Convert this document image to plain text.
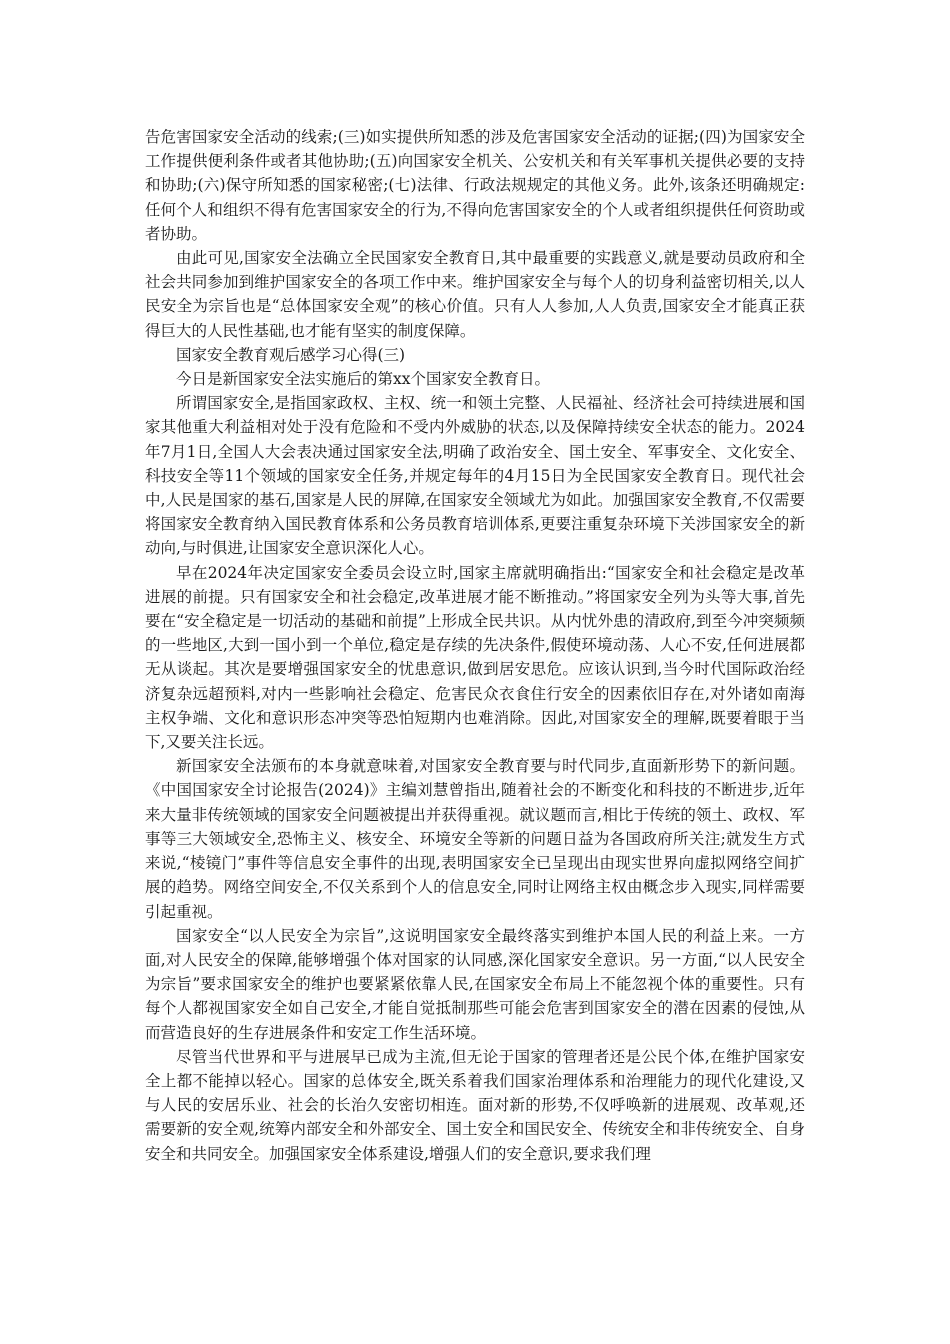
告危害国家安全活动的线索;(三)如实提供所知悉的涉及危害国家安全活动的证据;(四)为国家安全工作提供便利条件或者其他协助;(五)向国家安全机关、公安机关和有关军事机关提供必要的支持和协助;(六)保守所知悉的国家秘密;(七)法律、行政法规规定的其他义务。此外,该条还明确规定:任何个人和组织不得有危害国家安全的行为,不得向危害国家安全的个人或者组织提供任何资助或者协助。

由此可见,国家安全法确立全民国家安全教育日,其中最重要的实践意义,就是要动员政府和全社会共同参加到维护国家安全的各项工作中来。维护国家安全与每个人的切身利益密切相关,以人民安全为宗旨也是“总体国家安全观”的核心价值。只有人人参加,人人负责,国家安全才能真正获得巨大的人民性基础,也才能有坚实的制度保障。

国家安全教育观后感学习心得(三)

今日是新国家安全法实施后的第xx个国家安全教育日。

所谓国家安全,是指国家政权、主权、统一和领土完整、人民福祉、经济社会可持续进展和国家其他重大利益相对处于没有危险和不受内外威胁的状态,以及保障持续安全状态的能力。2024年7月1日,全国人大会表决通过国家安全法,明确了政治安全、国土安全、军事安全、文化安全、科技安全等11个领域的国家安全任务,并规定每年的4月15日为全民国家安全教育日。现代社会中,人民是国家的基石,国家是人民的屏障,在国家安全领域尤为如此。加强国家安全教育,不仅需要将国家安全教育纳入国民教育体系和公务员教育培训体系,更要注重复杂环境下关涉国家安全的新动向,与时俱进,让国家安全意识深化人心。

早在2024年决定国家安全委员会设立时,国家主席就明确指出:“国家安全和社会稳定是改革进展的前提。只有国家安全和社会稳定,改革进展才能不断推动。”将国家安全列为头等大事,首先要在“安全稳定是一切活动的基础和前提”上形成全民共识。从内忧外患的清政府,到至今冲突频频的一些地区,大到一国小到一个单位,稳定是存续的先决条件,假使环境动荡、人心不安,任何进展都无从谈起。其次是要增强国家安全的忧患意识,做到居安思危。应该认识到,当今时代国际政治经济复杂远超预料,对内一些影响社会稳定、危害民众衣食住行安全的因素依旧存在,对外诸如南海主权争端、文化和意识形态冲突等恐怕短期内也难消除。因此,对国家安全的理解,既要着眼于当下,又要关注长远。

新国家安全法颁布的本身就意味着,对国家安全教育要与时代同步,直面新形势下的新问题。《中国国家安全讨论报告(2024)》主编刘慧曾指出,随着社会的不断变化和科技的不断进步,近年来大量非传统领域的国家安全问题被提出并获得重视。就议题而言,相比于传统的领土、政权、军事等三大领域安全,恐怖主义、核安全、环境安全等新的问题日益为各国政府所关注;就发生方式来说,“棱镜门”事件等信息安全事件的出现,表明国家安全已呈现出由现实世界向虚拟网络空间扩展的趋势。网络空间安全,不仅关系到个人的信息安全,同时让网络主权由概念步入现实,同样需要引起重视。

国家安全“以人民安全为宗旨”,这说明国家安全最终落实到维护本国人民的利益上来。一方面,对人民安全的保障,能够增强个体对国家的认同感,深化国家安全意识。另一方面,“以人民安全为宗旨”要求国家安全的维护也要紧紧依靠人民,在国家安全布局上不能忽视个体的重要性。只有每个人都视国家安全如自己安全,才能自觉抵制那些可能会危害到国家安全的潜在因素的侵蚀,从而营造良好的生存进展条件和安定工作生活环境。

尽管当代世界和平与进展早已成为主流,但无论于国家的管理者还是公民个体,在维护国家安全上都不能掉以轻心。国家的总体安全,既关系着我们国家治理体系和治理能力的现代化建设,又与人民的安居乐业、社会的长治久安密切相连。面对新的形势,不仅呼唤新的进展观、改革观,还需要新的安全观,统筹内部安全和外部安全、国土安全和国民安全、传统安全和非传统安全、自身安全和共同安全。加强国家安全体系建设,增强人们的安全意识,要求我们理
